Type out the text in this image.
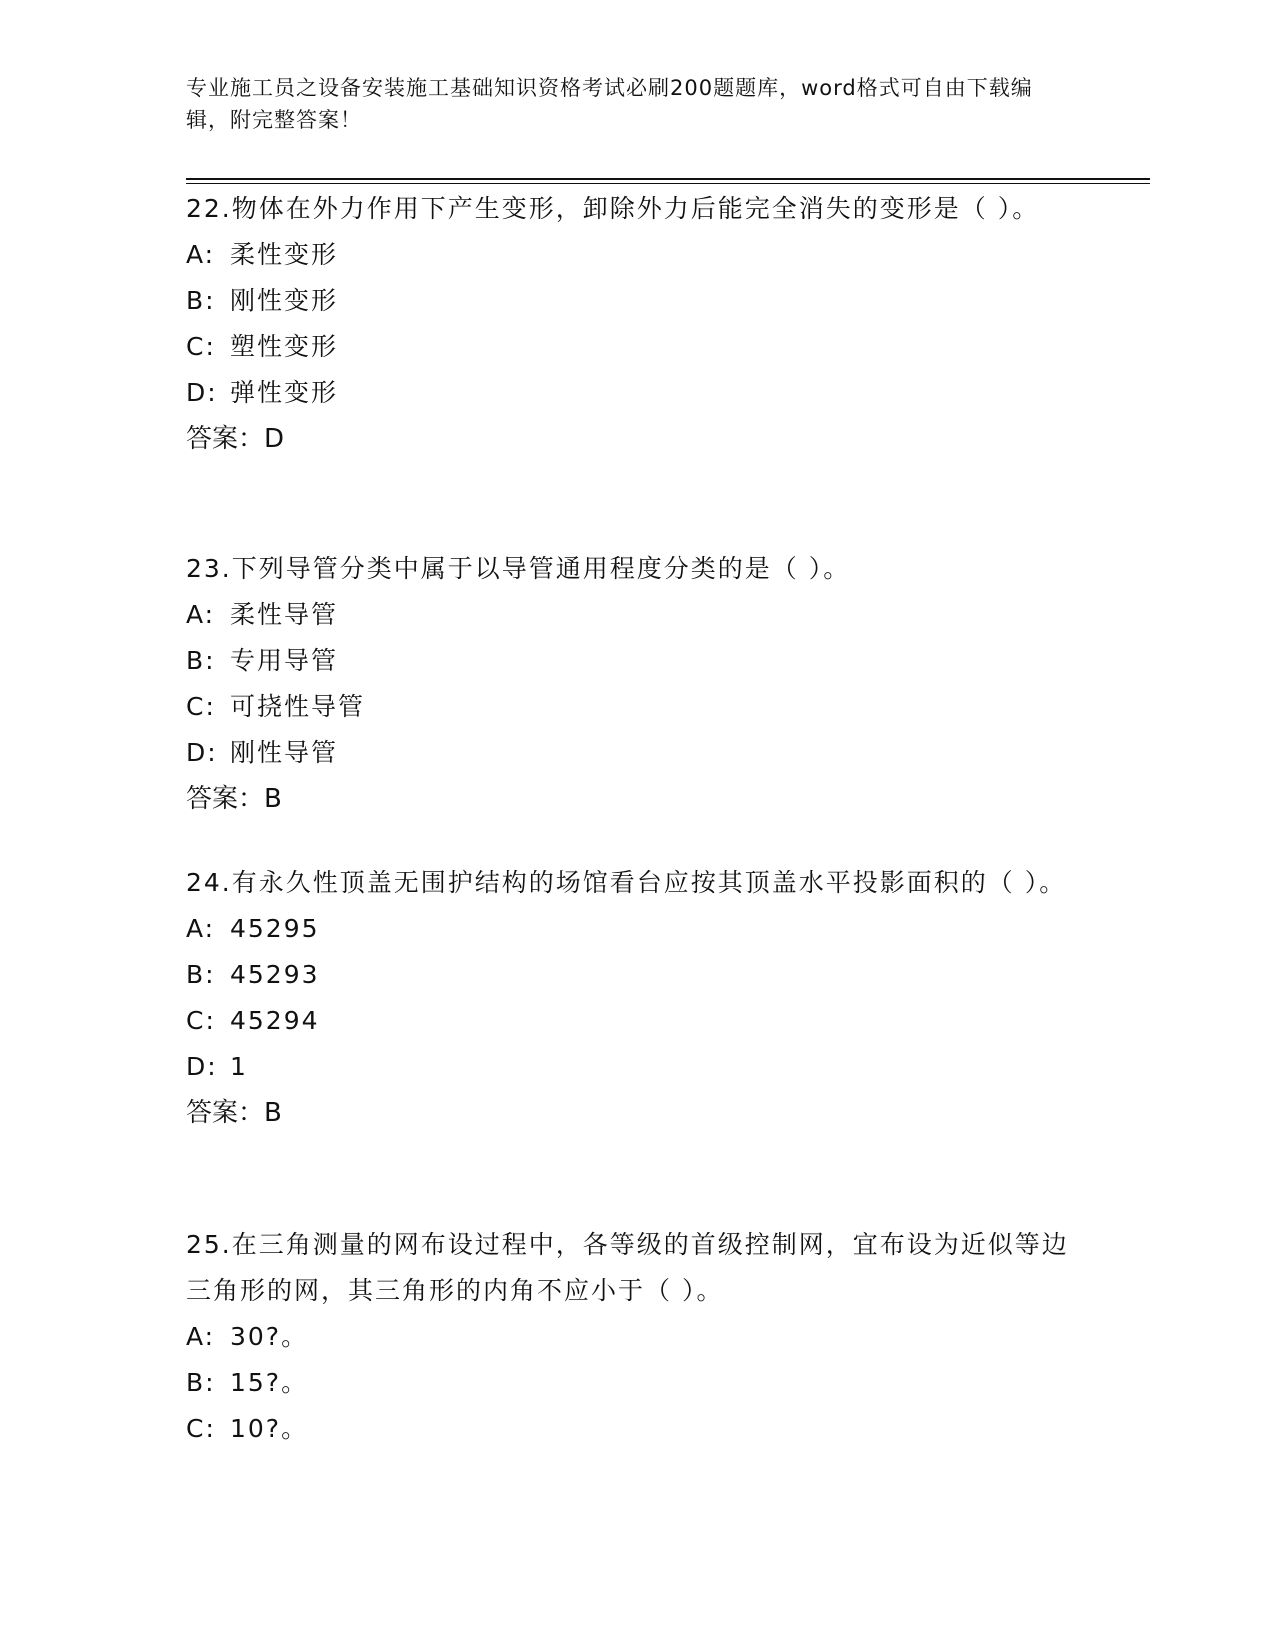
专业施工员之设备安装施工基础知识资格考试必刷200题题库，word格式可自由下载编辑，附完整答案！

22.物体在外力作用下产生变形，卸除外力后能完全消失的变形是（ ）。

A: 柔性变形
B: 刚性变形
C: 塑性变形
D: 弹性变形
答案：D

23.下列导管分类中属于以导管通用程度分类的是（ ）。

A: 柔性导管
B: 专用导管
C: 可挠性导管
D: 刚性导管
答案：B

24.有永久性顶盖无围护结构的场馆看台应按其顶盖水平投影面积的（ ）。

A: 45295
B: 45293
C: 45294
D: 1
答案：B

25.在三角测量的网布设过程中，各等级的首级控制网，宜布设为近似等边三角形的网，其三角形的内角不应小于（ ）。

A: 30?。
B: 15?。
C: 10?。
